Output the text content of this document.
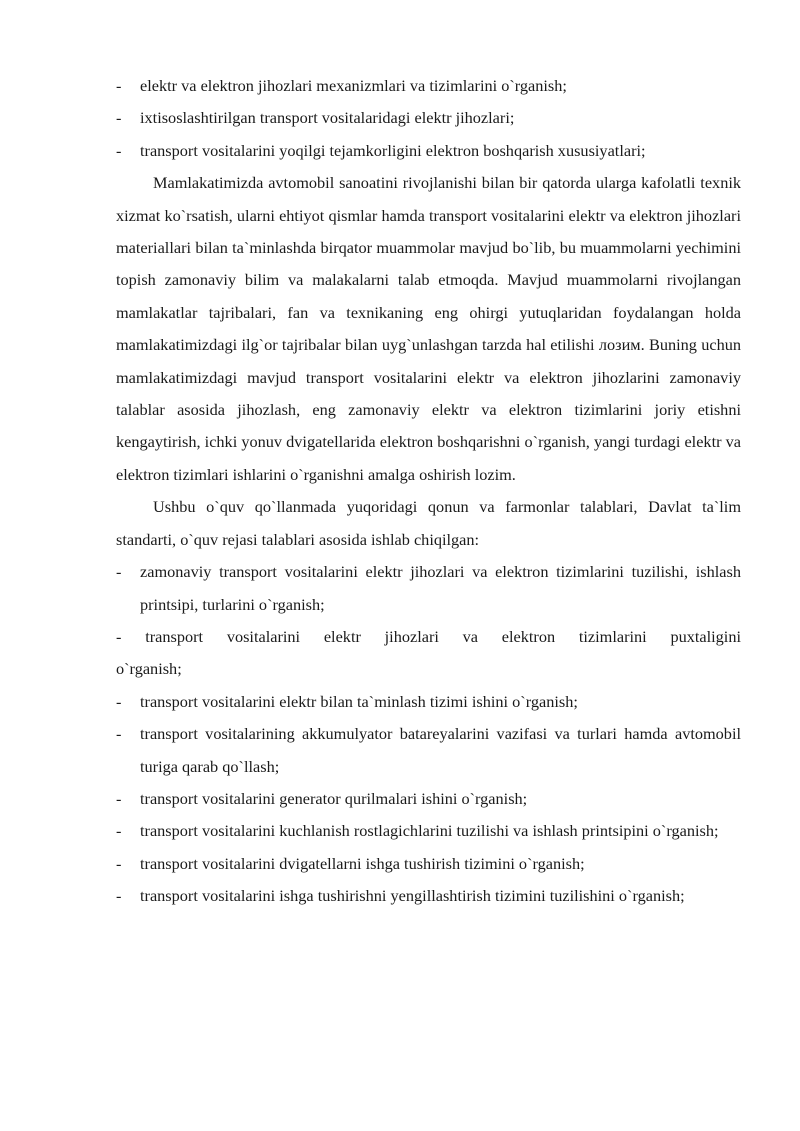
- elektr va elektron jihozlari mexanizmlari va tizimlarini o`rganish;
- ixtisoslashtirilgan transport vositalaridagi elektr jihozlari;
- transport vositalarini yoqilgi tejamkorligini elektron boshqarish xususiyatlari;

Mamlakatimizda avtomobil sanoatini rivojlanishi bilan bir qatorda ularga kafolatli texnik xizmat ko`rsatish, ularni ehtiyot qismlar hamda transport vositalarini elektr va elektron jihozlari materiallari bilan ta`minlashda birqator muammolar mavjud bo`lib, bu muammolarni yechimini topish zamonaviy bilim va malakalarni talab etmoqda. Mavjud muammolarni rivojlangan mamlakatlar tajribalari, fan va texnikaning eng ohirgi yutuqlaridan foydalangan holda mamlakatimizdagi ilg`or tajribalar bilan uyg`unlashgan tarzda hal etilishi лозим. Buning uchun mamlakatimizdagi mavjud transport vositalarini elektr va elektron jihozlarini zamonaviy talablar asosida jihozlash, eng zamonaviy elektr va elektron tizimlarini joriy etishni kengaytirish, ichki yonuv dvigatellarida elektron boshqarishni o`rganish, yangi turdagi elektr va elektron tizimlari ishlarini o`rganishni amalga oshirish lozim.

Ushbu o`quv qo`llanmada yuqoridagi qonun va farmonlar talablari, Davlat ta`lim standarti, o`quv rejasi talablari asosida ishlab chiqilgan:

- zamonaviy transport vositalarini elektr jihozlari va elektron tizimlarini tuzilishi, ishlash printsipi, turlarini o`rganish;
- transport vositalarini elektr jihozlari va elektron tizimlarini puxtaligini
o`rganish;
- transport vositalarini elektr bilan ta`minlash tizimi ishini o`rganish;
- transport vositalarining akkumulyator batareyalarini vazifasi va turlari hamda avtomobil turiga qarab qo`llash;
- transport vositalarini generator qurilmalari ishini o`rganish;
- transport vositalarini kuchlanish rostlagichlarini tuzilishi va ishlash printsipini o`rganish;
- transport vositalarini dvigatellarni ishga tushirish tizimini o`rganish;
- transport vositalarini ishga tushirishni yengillashtirish tizimini tuzilishini o`rganish;
